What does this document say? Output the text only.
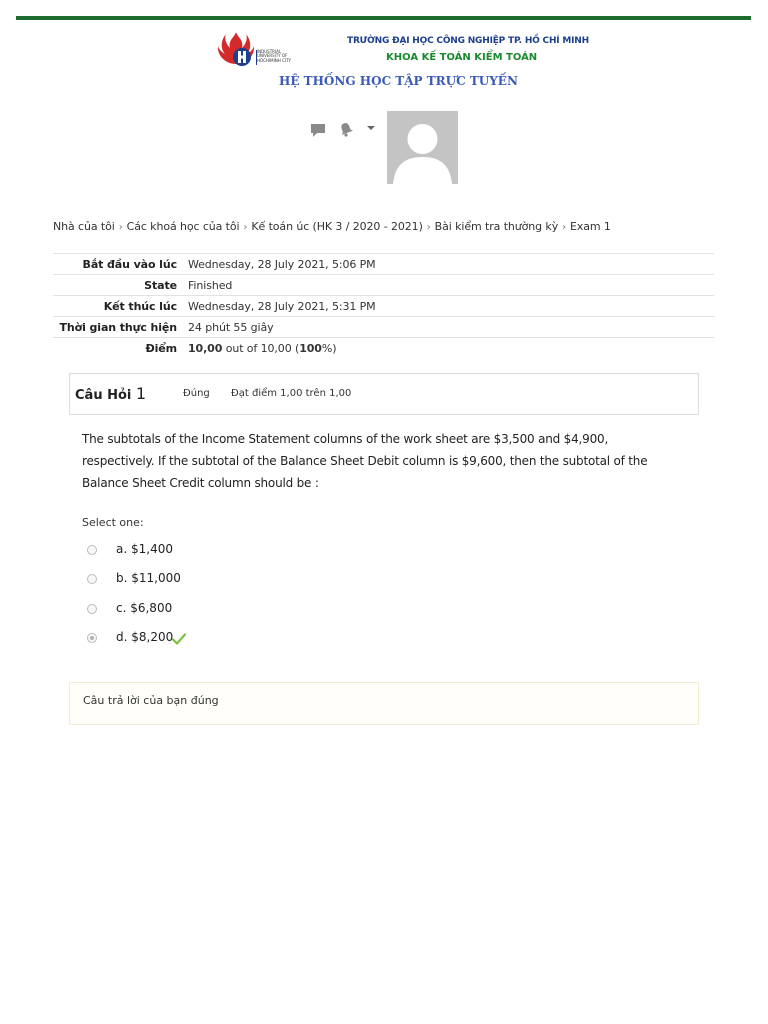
INDUSTRIAL
UNIVERSITY OF
HOCHIMINH CITY
TRƯỜNG ĐẠI HỌC CÔNG NGHIỆP TP. HỒ CHÍ MINH
KHOA KẾ TOÁN KIỂM TOÁN
HỆ THỐNG HỌC TẬP TRỰC TUYẾN
Nhà của tôi › Các khoá học của tôi › Kế toán úc (HK 3 / 2020 - 2021) › Bài kiểm tra thường kỳ › Exam 1
Bắt đầu vào lúc	Wednesday, 28 July 2021, 5:06 PM
State	Finished
Kết thúc lúc	Wednesday, 28 July 2021, 5:31 PM
Thời gian thực hiện	24 phút 55 giây
Điểm	10,00 out of 10,00 (100%)
Câu Hỏi 1	Đúng Đạt điểm 1,00 trên 1,00
The subtotals of the Income Statement columns of the work sheet are $3,500 and $4,900, respectively. If the subtotal of the Balance Sheet Debit column is $9,600, then the subtotal of the Balance Sheet Credit column should be :
Select one:
a. $1,400
b. $11,000
c. $6,800
d. $8,200
Câu trả lời của bạn đúng
